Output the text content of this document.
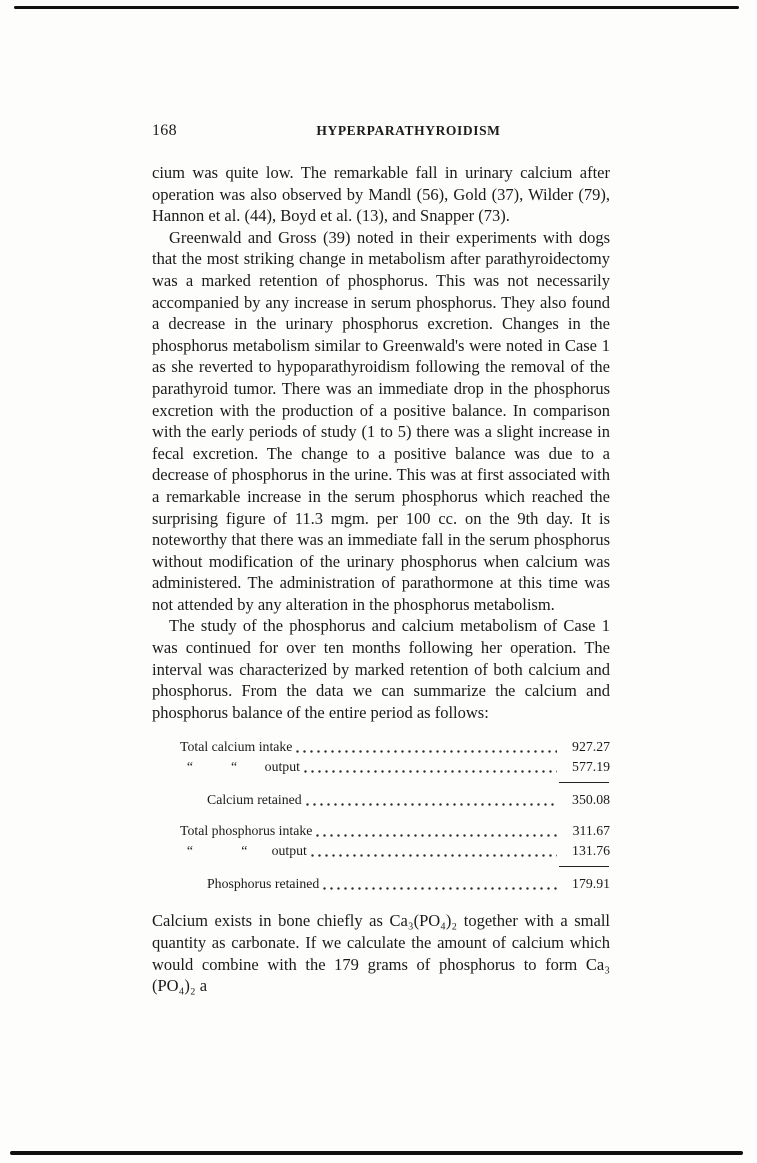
168	HYPERPARATHYROIDISM

cium was quite low. The remarkable fall in urinary calcium after operation was also observed by Mandl (56), Gold (37), Wilder (79), Hannon et al. (44), Boyd et al. (13), and Snapper (73).

Greenwald and Gross (39) noted in their experiments with dogs that the most striking change in metabolism after parathyroidectomy was a marked retention of phosphorus. This was not necessarily accompanied by any increase in serum phosphorus. They also found a decrease in the urinary phosphorus excretion. Changes in the phosphorus metabolism similar to Greenwald's were noted in Case 1 as she reverted to hypoparathyroidism following the removal of the parathyroid tumor. There was an immediate drop in the phosphorus excretion with the production of a positive balance. In comparison with the early periods of study (1 to 5) there was a slight increase in fecal excretion. The change to a positive balance was due to a decrease of phosphorus in the urine. This was at first associated with a remarkable increase in the serum phosphorus which reached the surprising figure of 11.3 mgm. per 100 cc. on the 9th day. It is noteworthy that there was an immediate fall in the serum phosphorus without modification of the urinary phosphorus when calcium was administered. The administration of parathormone at this time was not attended by any alteration in the phosphorus metabolism.

The study of the phosphorus and calcium metabolism of Case 1 was continued for over ten months following her operation. The interval was characterized by marked retention of both calcium and phosphorus. From the data we can summarize the calcium and phosphorus balance of the entire period as follows:

Total calcium intake	927.27
“           “        output	577.19
Calcium retained	350.08
Total phosphorus intake	311.67
“              “       output	131.76
Phosphorus retained	179.91

Calcium exists in bone chiefly as Ca₃(PO₄)₂ together with a small quantity as carbonate. If we calculate the amount of calcium which would combine with the 179 grams of phosphorus to form Ca₃ (PO₄)₂ a
